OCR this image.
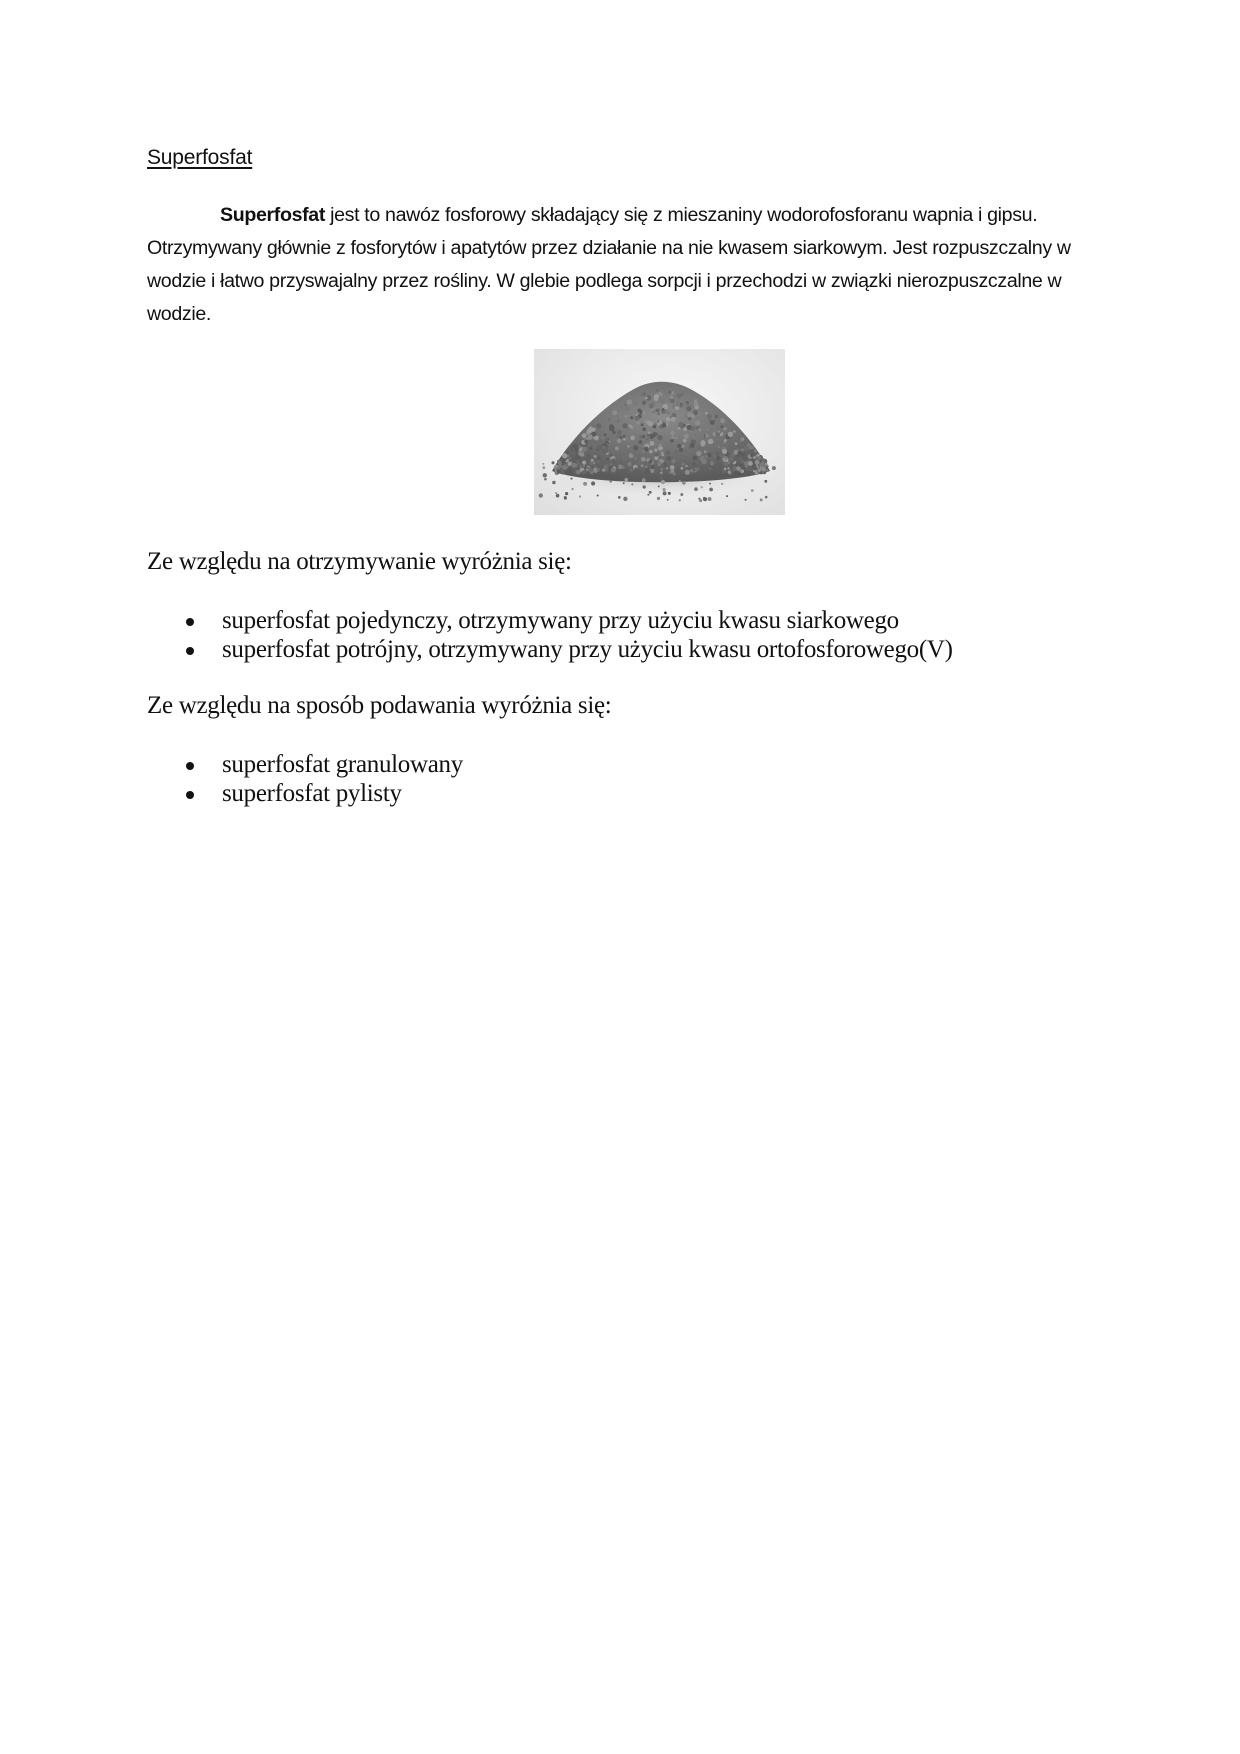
Superfosfat

Superfosfat jest to nawóz fosforowy składający się z mieszaniny wodorofosforanu wapnia i gipsu. Otrzymywany głównie z fosforytów i apatytów przez działanie na nie kwasem siarkowym. Jest rozpuszczalny w wodzie i łatwo przyswajalny przez rośliny. W glebie podlega sorpcji i przechodzi w związki nierozpuszczalne w wodzie.

Ze względu na otrzymywanie wyróżnia się:
superfosfat pojedynczy, otrzymywany przy użyciu kwasu siarkowego
superfosfat potrójny, otrzymywany przy użyciu kwasu ortofosforowego(V)
Ze względu na sposób podawania wyróżnia się:
superfosfat granulowany
superfosfat pylisty
